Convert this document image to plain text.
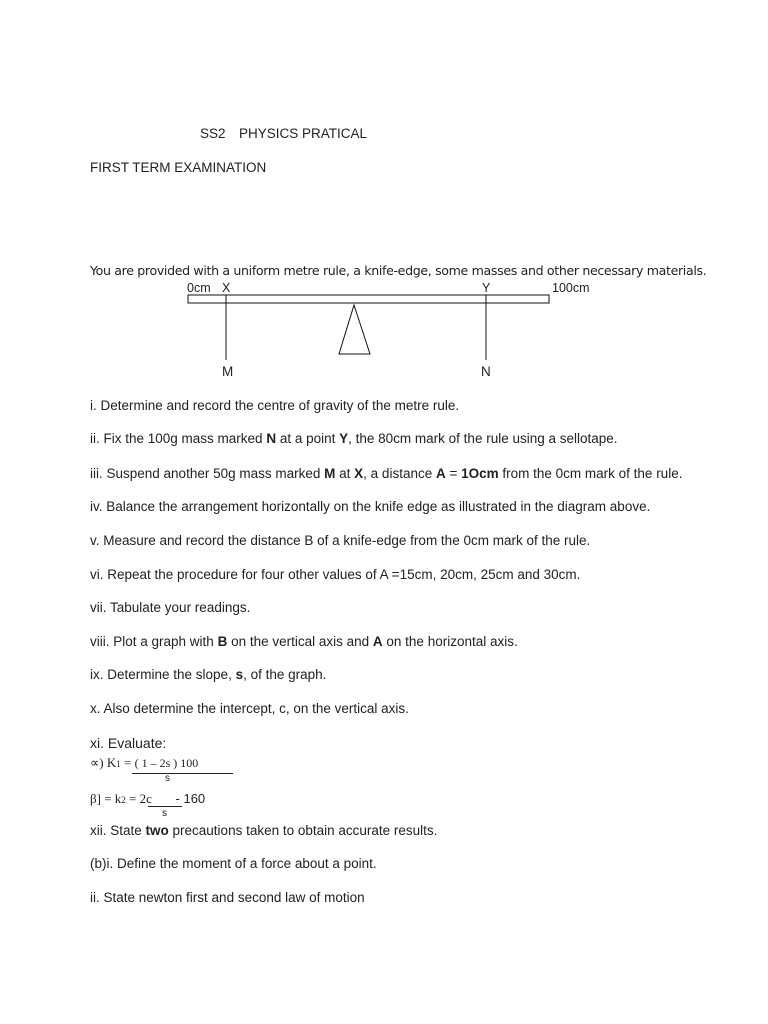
SS2 PHYSICS PRATICAL
FIRST TERM EXAMINATION
You are provided with a uniform metre rule, a knife-edge, some masses and other necessary materials.
0cm X	Y	100cm
M	N
i. Determine and record the centre of gravity of the metre rule.
ii. Fix the 100g mass marked N at a point Y, the 80cm mark of the rule using a sellotape.
iii. Suspend another 50g mass marked M at X, a distance A = 1Ocm from the 0cm mark of the rule.
iv. Balance the arrangement horizontally on the knife edge as illustrated in the diagram above.
v. Measure and record the distance B of a knife-edge from the 0cm mark of the rule.
vi. Repeat the procedure for four other values of A =15cm, 20cm, 25cm and 30cm.
vii. Tabulate your readings.
viii. Plot a graph with B on the vertical axis and A on the horizontal axis.
ix. Determine the slope, s, of the graph.
x. Also determine the intercept, c, on the vertical axis.
xi. Evaluate:
∝) K1 = ( 1 – 2s ) 100
s
β] = k2 = 2c - 160
s
xii. State two precautions taken to obtain accurate results.
(b)i. Define the moment of a force about a point.
ii. State newton first and second law of motion
